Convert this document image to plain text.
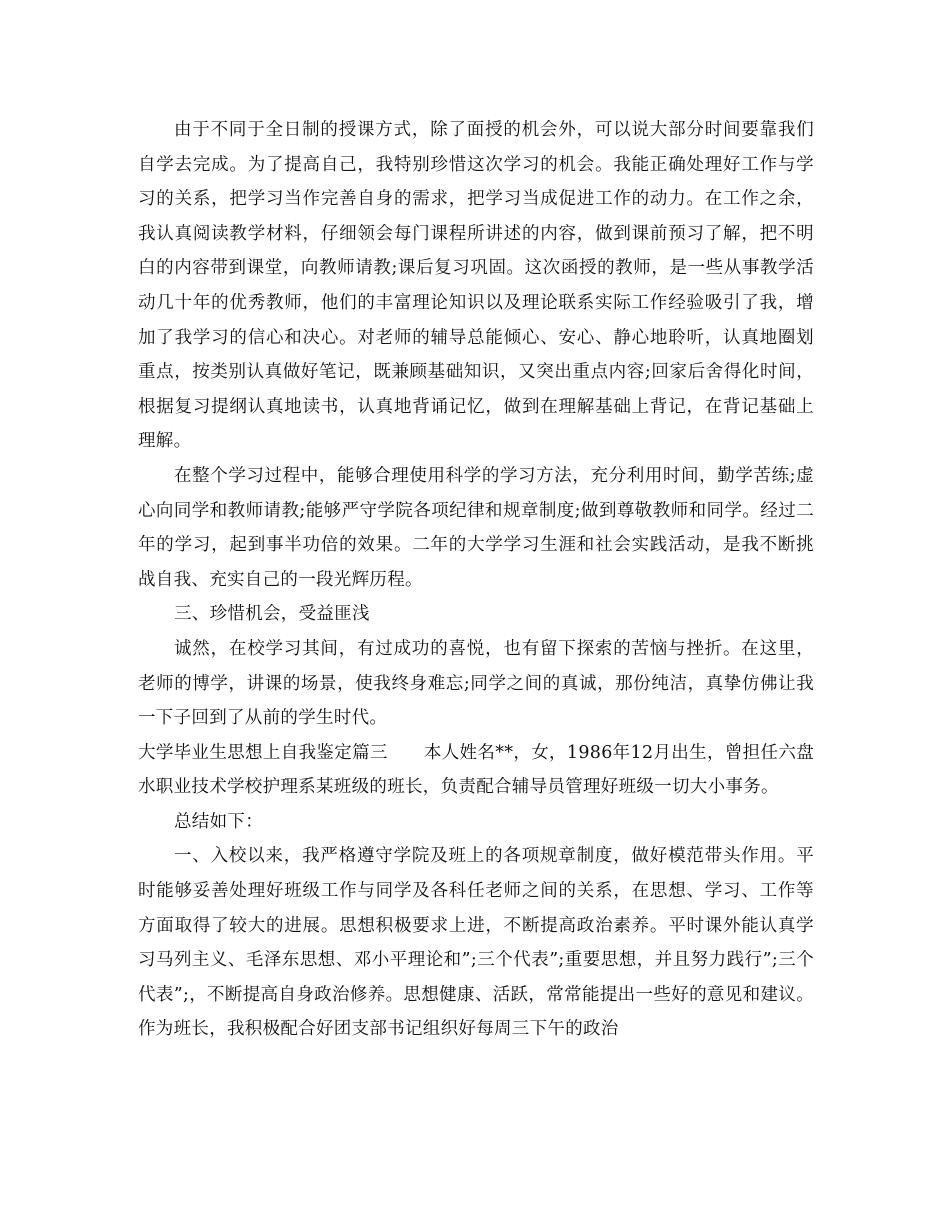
由于不同于全日制的授课方式，除了面授的机会外，可以说大部分时间要靠我们自学去完成。为了提高自己，我特别珍惜这次学习的机会。我能正确处理好工作与学习的关系，把学习当作完善自身的需求，把学习当成促进工作的动力。在工作之余，我认真阅读教学材料，仔细领会每门课程所讲述的内容，做到课前预习了解，把不明白的内容带到课堂，向教师请教;课后复习巩固。这次函授的教师，是一些从事教学活动几十年的优秀教师，他们的丰富理论知识以及理论联系实际工作经验吸引了我，增加了我学习的信心和决心。对老师的辅导总能倾心、安心、静心地聆听，认真地圈划重点，按类别认真做好笔记，既兼顾基础知识，又突出重点内容;回家后舍得化时间，根据复习提纲认真地读书，认真地背诵记忆，做到在理解基础上背记，在背记基础上理解。

在整个学习过程中，能够合理使用科学的学习方法，充分利用时间，勤学苦练;虚心向同学和教师请教;能够严守学院各项纪律和规章制度;做到尊敬教师和同学。经过二年的学习，起到事半功倍的效果。二年的大学学习生涯和社会实践活动，是我不断挑战自我、充实自己的一段光辉历程。

三、珍惜机会，受益匪浅

诚然，在校学习其间，有过成功的喜悦，也有留下探索的苦恼与挫折。在这里，老师的博学，讲课的场景，使我终身难忘;同学之间的真诚，那份纯洁，真挚仿佛让我一下子回到了从前的学生时代。

大学毕业生思想上自我鉴定篇三 本人姓名**，女，1986年12月出生，曾担任六盘水职业技术学校护理系某班级的班长，负责配合辅导员管理好班级一切大小事务。

总结如下：

一、入校以来，我严格遵守学院及班上的各项规章制度，做好模范带头作用。平时能够妥善处理好班级工作与同学及各科任老师之间的关系，在思想、学习、工作等方面取得了较大的进展。思想积极要求上进，不断提高政治素养。平时课外能认真学习马列主义、毛泽东思想、邓小平理论和”;三个代表”;重要思想，并且努力践行”;三个代表”;，不断提高自身政治修养。思想健康、活跃，常常能提出一些好的意见和建议。作为班长，我积极配合好团支部书记组织好每周三下午的政治
